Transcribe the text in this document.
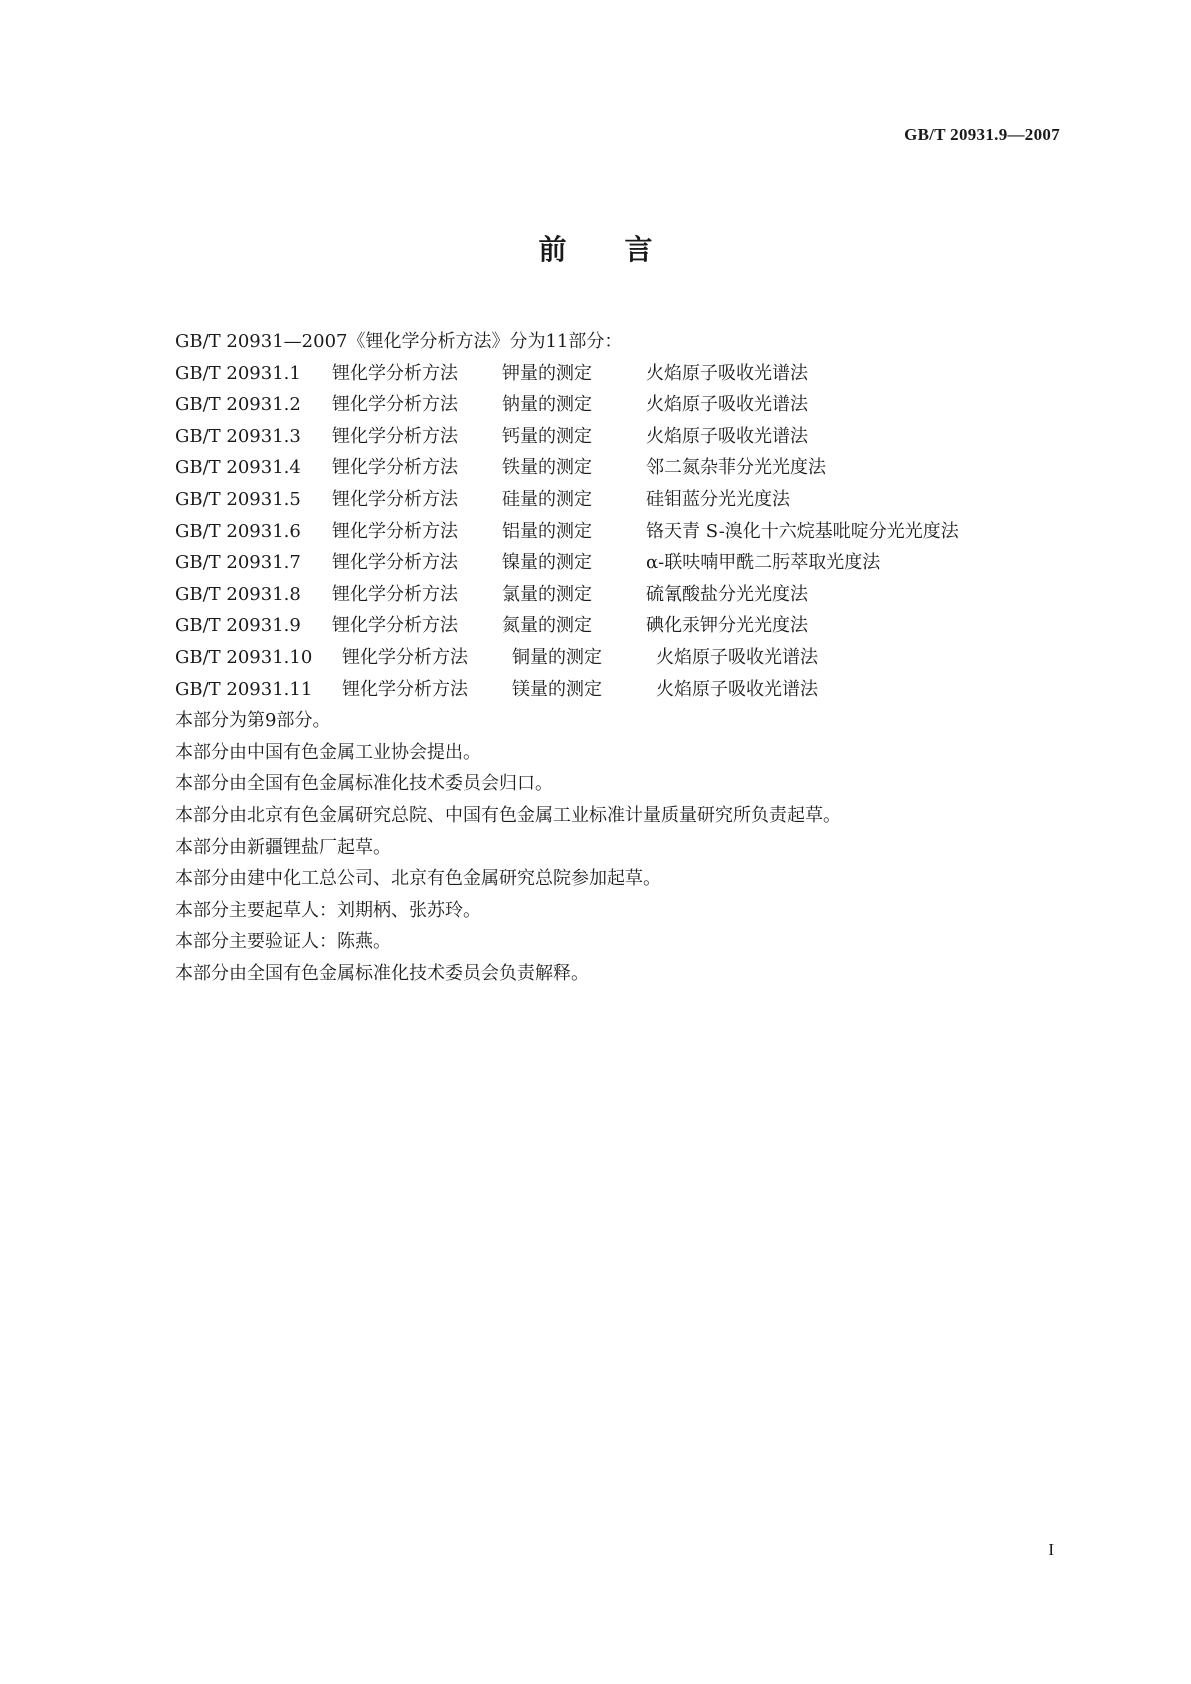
GB/T 20931.9—2007
前言
GB/T 20931—2007《锂化学分析方法》分为11部分：
GB/T 20931.1	锂化学分析方法	钾量的测定	火焰原子吸收光谱法
GB/T 20931.2	锂化学分析方法	钠量的测定	火焰原子吸收光谱法
GB/T 20931.3	锂化学分析方法	钙量的测定	火焰原子吸收光谱法
GB/T 20931.4	锂化学分析方法	铁量的测定	邻二氮杂菲分光光度法
GB/T 20931.5	锂化学分析方法	硅量的测定	硅钼蓝分光光度法
GB/T 20931.6	锂化学分析方法	铝量的测定	铬天青 S-溴化十六烷基吡啶分光光度法
GB/T 20931.7	锂化学分析方法	镍量的测定	α-联呋喃甲酰二肟萃取光度法
GB/T 20931.8	锂化学分析方法	氯量的测定	硫氰酸盐分光光度法
GB/T 20931.9	锂化学分析方法	氮量的测定	碘化汞钾分光光度法
GB/T 20931.10	锂化学分析方法	铜量的测定	火焰原子吸收光谱法
GB/T 20931.11	锂化学分析方法	镁量的测定	火焰原子吸收光谱法
本部分为第9部分。
本部分由中国有色金属工业协会提出。
本部分由全国有色金属标准化技术委员会归口。
本部分由北京有色金属研究总院、中国有色金属工业标准计量质量研究所负责起草。
本部分由新疆锂盐厂起草。
本部分由建中化工总公司、北京有色金属研究总院参加起草。
本部分主要起草人：刘期柄、张苏玲。
本部分主要验证人：陈燕。
本部分由全国有色金属标准化技术委员会负责解释。
I
